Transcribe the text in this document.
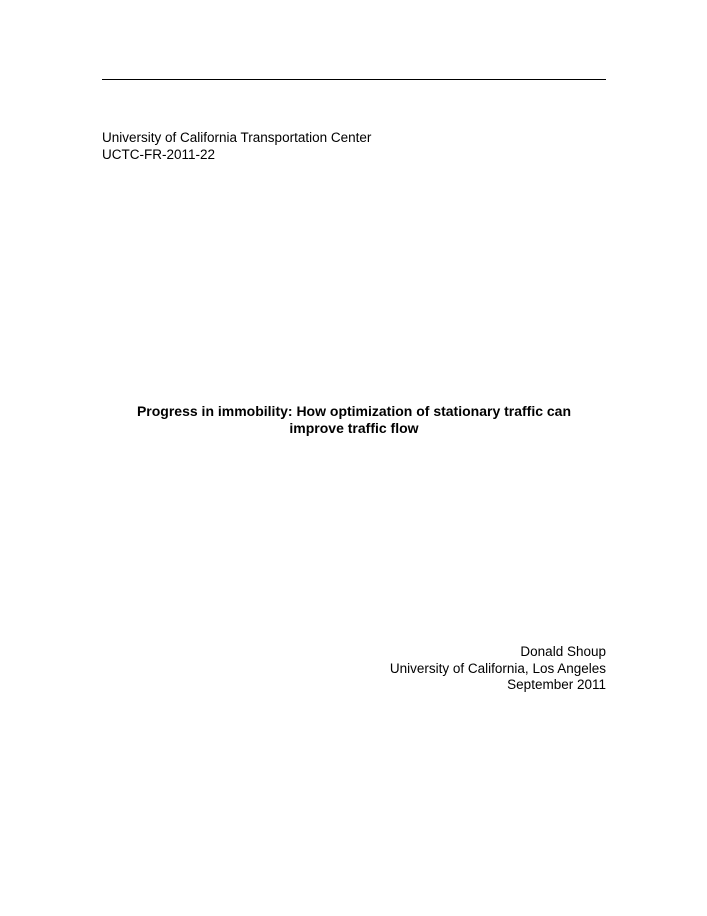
University of California Transportation Center
UCTC-FR-2011-22
Progress in immobility: How optimization of stationary traffic can
improve traffic flow
Donald Shoup
University of California, Los Angeles
September 2011
